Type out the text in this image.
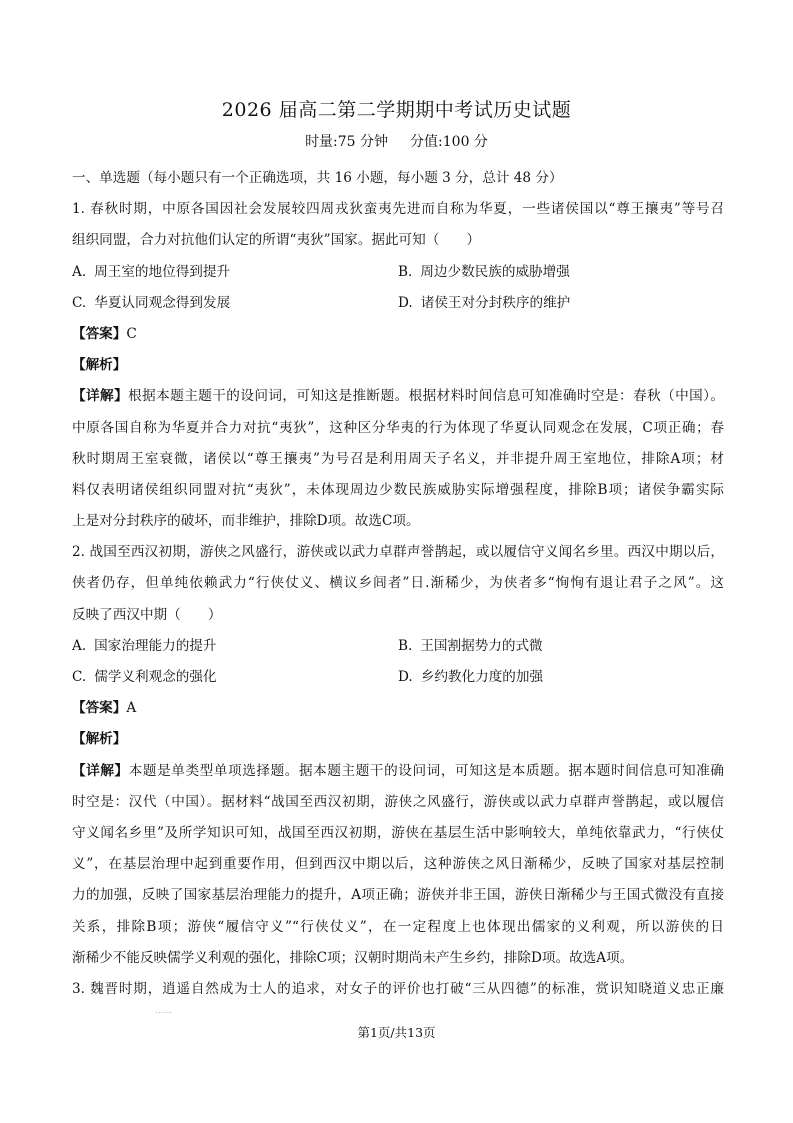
2026 届高二第二学期期中考试历史试题
时量:75 分钟 分值:100 分
一、单选题（每小题只有一个正确选项，共 16 小题，每小题 3 分，总计 48 分）
1. 春秋时期，中原各国因社会发展较四周戎狄蛮夷先进而自称为华夏，一些诸侯国以“尊王攘夷”等号召
组织同盟，合力对抗他们认定的所谓“夷狄”国家。据此可知（　　）
A. 周王室的地位得到提升	B. 周边少数民族的威胁增强
C. 华夏认同观念得到发展	D. 诸侯王对分封秩序的维护
【答案】C
【解析】
【详解】根据本题主题干的设问词，可知这是推断题。根据材料时间信息可知准确时空是：春秋（中国）。
中原各国自称为华夏并合力对抗“夷狄”，这种区分华夷的行为体现了华夏认同观念在发展，C项正确；春
秋时期周王室衰微，诸侯以“尊王攘夷”为号召是利用周天子名义，并非提升周王室地位，排除A项；材
料仅表明诸侯组织同盟对抗“夷狄”，未体现周边少数民族威胁实际增强程度，排除B项；诸侯争霸实际
上是对分封秩序的破坏，而非维护，排除D项。故选C项。
2. 战国至西汉初期，游侠之风盛行，游侠或以武力卓群声誉鹊起，或以履信守义闻名乡里。西汉中期以后，
侠者仍存，但单纯依赖武力“行侠仗义、横议乡闾者”日.渐稀少，为侠者多“恂恂有退让君子之风”。这
反映了西汉中期（　　）
A. 国家治理能力的提升	B. 王国割据势力的式微
C. 儒学义利观念的强化	D. 乡约教化力度的加强
【答案】A
【解析】
【详解】本题是单类型单项选择题。据本题主题干的设问词，可知这是本质题。据本题时间信息可知准确
时空是：汉代（中国）。据材料“战国至西汉初期，游侠之风盛行，游侠或以武力卓群声誉鹊起，或以履信
守义闻名乡里”及所学知识可知，战国至西汉初期，游侠在基层生活中影响较大，单纯依靠武力，“行侠仗
义”，在基层治理中起到重要作用，但到西汉中期以后，这种游侠之风日渐稀少，反映了国家对基层控制
力的加强，反映了国家基层治理能力的提升，A项正确；游侠并非王国，游侠日渐稀少与王国式微没有直接
关系，排除B项；游侠“履信守义”“行侠仗义”，在一定程度上也体现出儒家的义利观，所以游侠的日
渐稀少不能反映儒学义利观的强化，排除C项；汉朝时期尚未产生乡约，排除D项。故选A项。
3. 魏晋时期，逍遥自然成为士人的追求，对女子的评价也打破“三从四德”的标准，赏识知晓道义忠正廉
......
第1页/共13页
